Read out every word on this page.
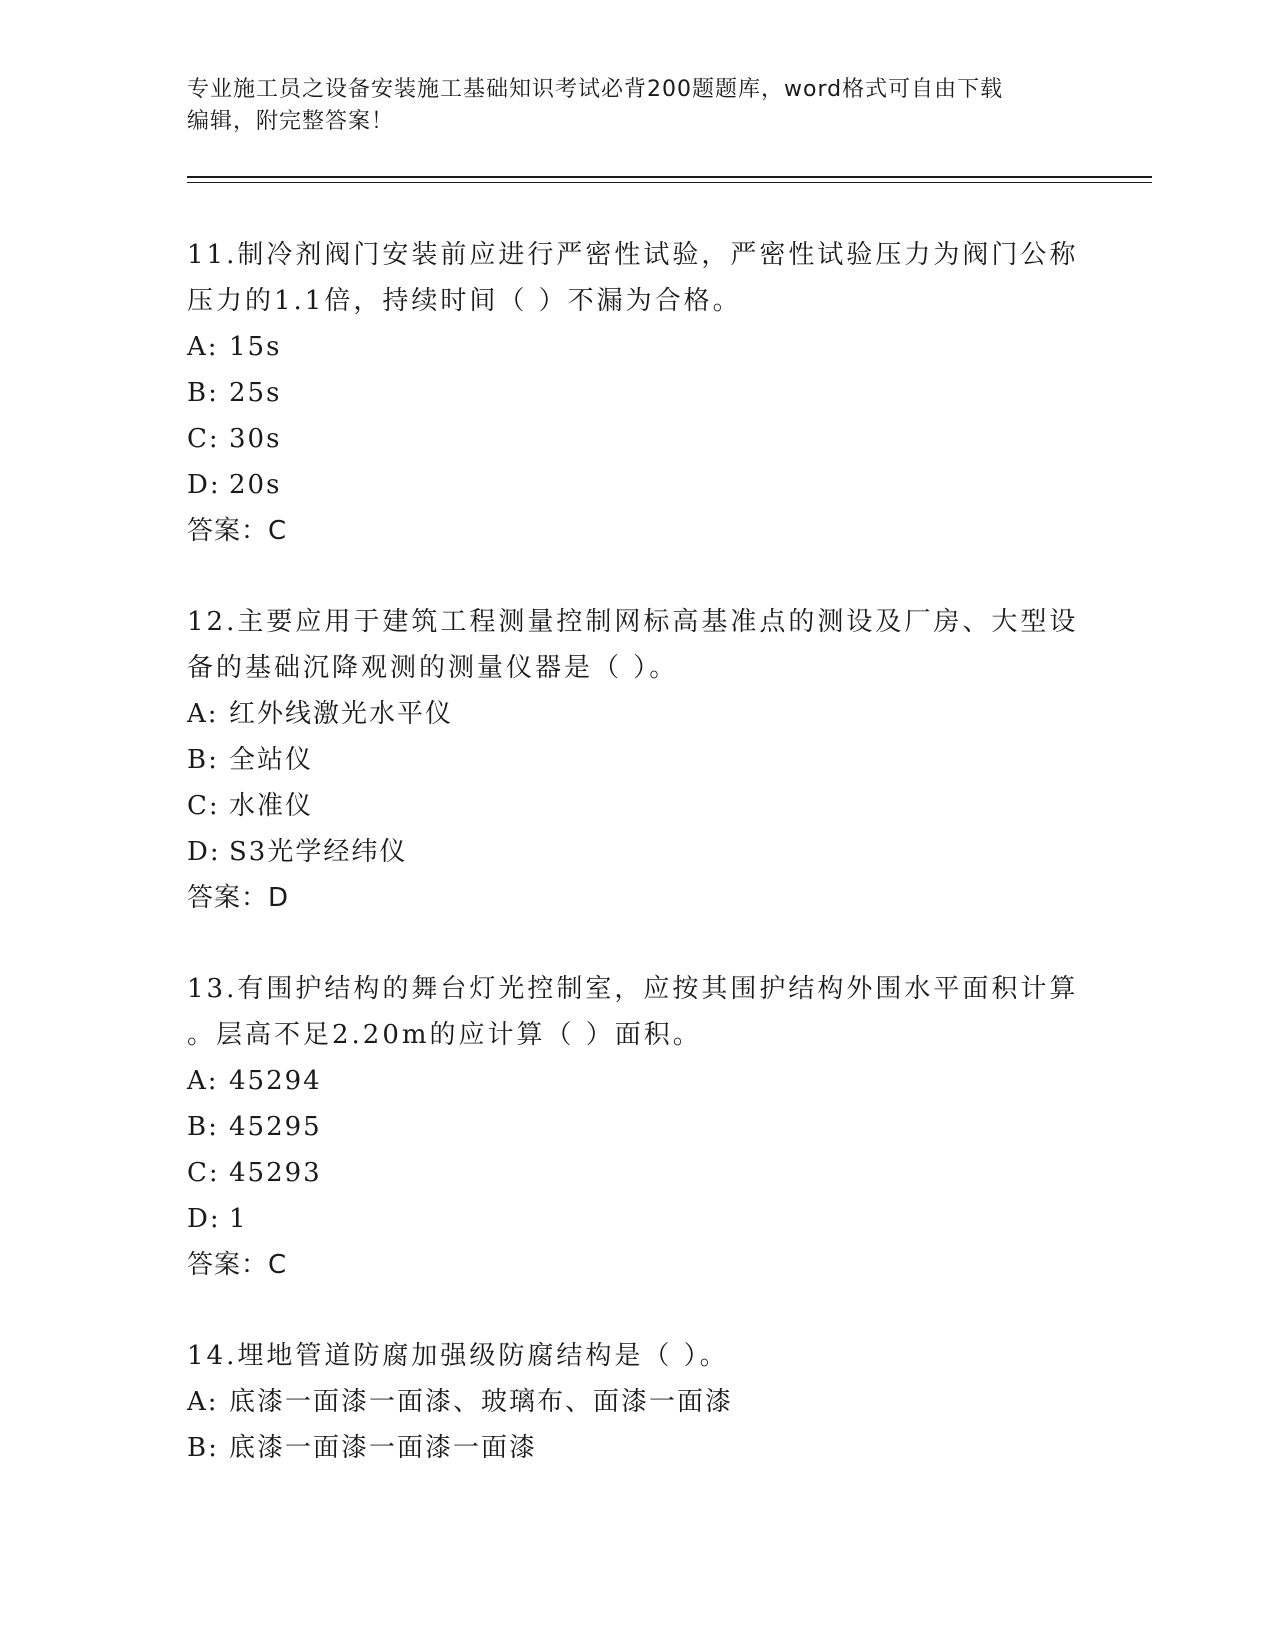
专业施工员之设备安装施工基础知识考试必背200题题库，word格式可自由下载
编辑，附完整答案！
11.制冷剂阀门安装前应进行严密性试验，严密性试验压力为阀门公称
压力的1.1倍，持续时间（ ）不漏为合格。
A: 15s
B: 25s
C: 30s
D: 20s
答案：C
12.主要应用于建筑工程测量控制网标高基准点的测设及厂房、大型设
备的基础沉降观测的测量仪器是（ ）。
A: 红外线激光水平仪
B: 全站仪
C: 水准仪
D: S3光学经纬仪
答案：D
13.有围护结构的舞台灯光控制室，应按其围护结构外围水平面积计算
。层高不足2.20m的应计算（ ）面积。
A: 45294
B: 45295
C: 45293
D: 1
答案：C
14.埋地管道防腐加强级防腐结构是（ ）。
A: 底漆一面漆一面漆、玻璃布、面漆一面漆
B: 底漆一面漆一面漆一面漆
